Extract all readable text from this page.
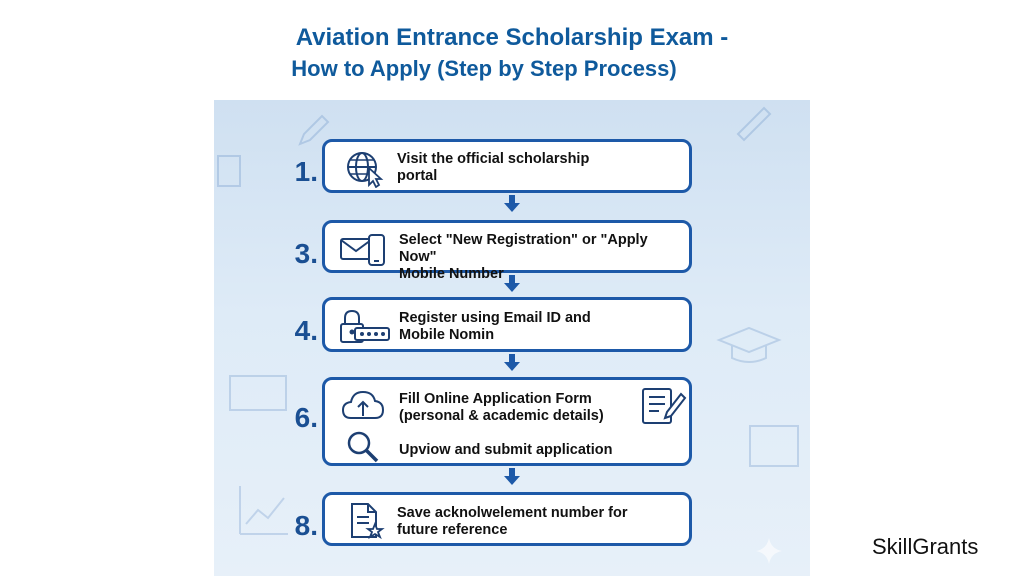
Aviation Entrance Scholarship Exam -
How to Apply (Step by Step Process)
1.	Visit the official scholarship
portal
3.	Select "New Registration" or "Apply Now"
Mobile Number
4.	Register using Email ID and
Mobile Nomin
6.
Fill Online Application Form
(personal & academic details)
Upviow and submit application
8.	Save acknolwelement number for
future reference
SkillGrants
